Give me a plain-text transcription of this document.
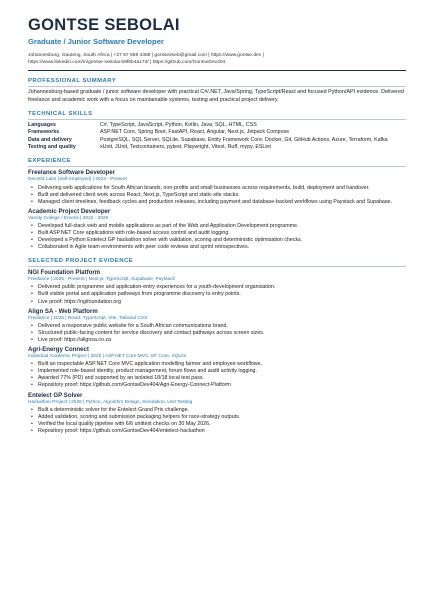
GONTSE SEBOLAI
Graduate / Junior Software Developer
Johannesburg, Gauteng, South Africa | +27 67 959 4388 | gontse2seb@gmail.com | https://www.gontse.dev |
https://www.linkedin.com/in/gontse-sebolai-b9f6b4a173/ | https://github.com/GontseDev404
PROFESSIONAL SUMMARY
Johannesburg-based graduate / junior software developer with practical C#/.NET, Java/Spring, TypeScript/React and focused Python/API evidence. Delivered freelance and academic work with a focus on maintainable systems, testing and practical project delivery.
TECHNICAL SKILLS
Languages	C#, TypeScript, JavaScript, Python, Kotlin, Java, SQL, HTML, CSS
Frameworks	ASP.NET Core, Spring Boot, FastAPI, React, Angular, Next.js, Jetpack Compose
Data and delivery	PostgreSQL, SQL Server, SQLite, Supabase, Entity Framework Core, Docker, Git, GitHub Actions, Azure, Terraform, Kafka
Testing and quality	xUnit, JUnit, Testcontainers, pytest, Playwright, Vitest, Ruff, mypy, ESLint
EXPERIENCE
Freelance Software Developer
Dev404 Labs (Self-employed) | 2024 - Present
• Delivering web applications for South African brands, non-profits and small businesses across requirements, build, deployment and handover.
• Built and delivered client work across React, Next.js, TypeScript and static-site stacks.
• Managed client timelines, feedback cycles and production releases, including payment and database-backed workflows using Paystack and Supabase.
Academic Project Developer
Varsity College / Emeris | 2022 - 2026
• Developed full-stack web and mobile applications as part of the Web and Application Development programme.
• Built ASP.NET Core applications with role-based access control and audit logging.
• Developed a Python Entelect GP hackathon solver with validation, scoring and deterministic optimisation checks.
• Collaborated in Agile team environments with peer code reviews and sprint retrospectives.
SELECTED PROJECT EVIDENCE
NGI Foundation Platform
Freelance | 2025 - Present | Next.js, TypeScript, Supabase, Paystack
• Delivered public programme and application-entry experiences for a youth-development organisation.
• Built visible portal and application pathways from programme discovery to entry points.
• Live proof: https://ngifoundation.org
Align SA - Web Platform
Freelance | 2025 | React, TypeScript, Vite, Tailwind CSS
• Delivered a responsive public website for a South African communications brand.
• Structured public-facing content for service discovery and contact pathways across screen sizes.
• Live proof: https://alignsa.co.za
Agri-Energy Connect
Individual Academic Project | 2025 | ASP.NET Core MVC, EF Core, SQLite
• Built an inspectable ASP.NET Core MVC application modelling farmer and employee workflows.
• Implemented role-based identity, product management, forum flows and audit activity logging.
• Awarded 77% (PD) and supported by an isolated 18/18 local test pass.
• Repository proof: https://github.com/GontseDev404/Agri-Energy-Connect-Platform
Entelect GP Solver
Hackathon Project | 2026 | Python, Algorithm Design, Simulation, Unit Testing
• Built a deterministic solver for the Entelect Grand Prix challenge.
• Added validation, scoring and submission packaging helpers for race-strategy outputs.
• Verified the local quality pipeline with 6/6 unittest checks on 30 May 2026.
• Repository proof: https://github.com/GontseDev404/entelect-hackathon
